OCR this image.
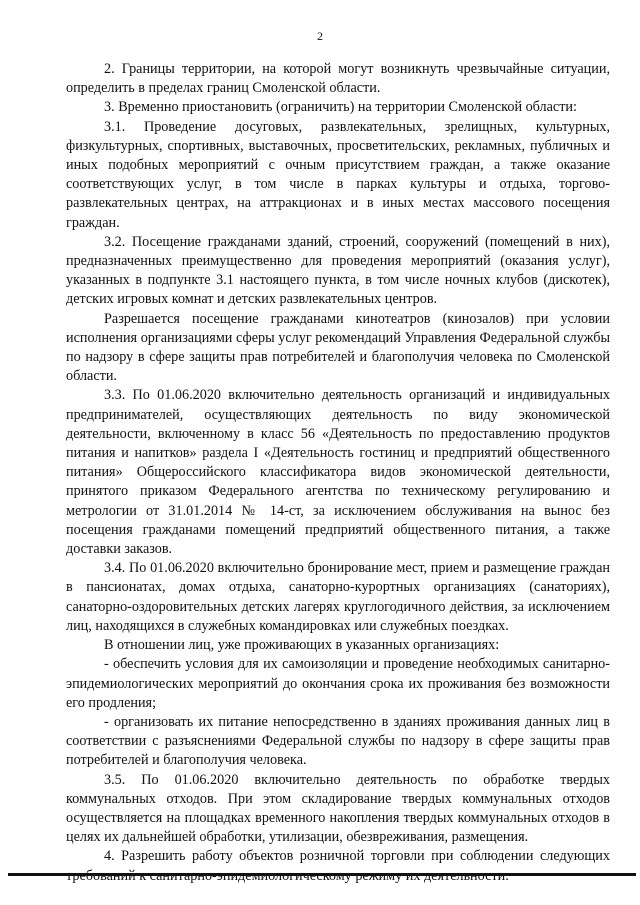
2

2. Границы территории, на которой могут возникнуть чрезвычайные ситуации, определить в пределах границ Смоленской области.

3. Временно приостановить (ограничить) на территории Смоленской области:

3.1. Проведение досуговых, развлекательных, зрелищных, культурных, физкультурных, спортивных, выставочных, просветительских, рекламных, публичных и иных подобных мероприятий с очным присутствием граждан, а также оказание соответствующих услуг, в том числе в парках культуры и отдыха, торгово-развлекательных центрах, на аттракционах и в иных местах массового посещения граждан.

3.2. Посещение гражданами зданий, строений, сооружений (помещений в них), предназначенных преимущественно для проведения мероприятий (оказания услуг), указанных в подпункте 3.1 настоящего пункта, в том числе ночных клубов (дискотек), детских игровых комнат и детских развлекательных центров.

Разрешается посещение гражданами кинотеатров (кинозалов) при условии исполнения организациями сферы услуг рекомендаций Управления Федеральной службы по надзору в сфере защиты прав потребителей и благополучия человека по Смоленской области.

3.3. По 01.06.2020 включительно деятельность организаций и индивидуальных предпринимателей, осуществляющих деятельность по виду экономической деятельности, включенному в класс 56 «Деятельность по предоставлению продуктов питания и напитков» раздела I «Деятельность гостиниц и предприятий общественного питания» Общероссийского классификатора видов экономической деятельности, принятого приказом Федерального агентства по техническому регулированию и метрологии от 31.01.2014 № 14-ст, за исключением обслуживания на вынос без посещения гражданами помещений предприятий общественного питания, а также доставки заказов.

3.4. По 01.06.2020 включительно бронирование мест, прием и размещение граждан в пансионатах, домах отдыха, санаторно-курортных организациях (санаториях), санаторно-оздоровительных детских лагерях круглогодичного действия, за исключением лиц, находящихся в служебных командировках или служебных поездках.

В отношении лиц, уже проживающих в указанных организациях:

- обеспечить условия для их самоизоляции и проведение необходимых санитарно-эпидемиологических мероприятий до окончания срока их проживания без возможности его продления;

- организовать их питание непосредственно в зданиях проживания данных лиц в соответствии с разъяснениями Федеральной службы по надзору в сфере защиты прав потребителей и благополучия человека.

3.5. По 01.06.2020 включительно деятельность по обработке твердых коммунальных отходов. При этом складирование твердых коммунальных отходов осуществляется на площадках временного накопления твердых коммунальных отходов в целях их дальнейшей обработки, утилизации, обезвреживания, размещения.

4. Разрешить работу объектов розничной торговли при соблюдении следующих
